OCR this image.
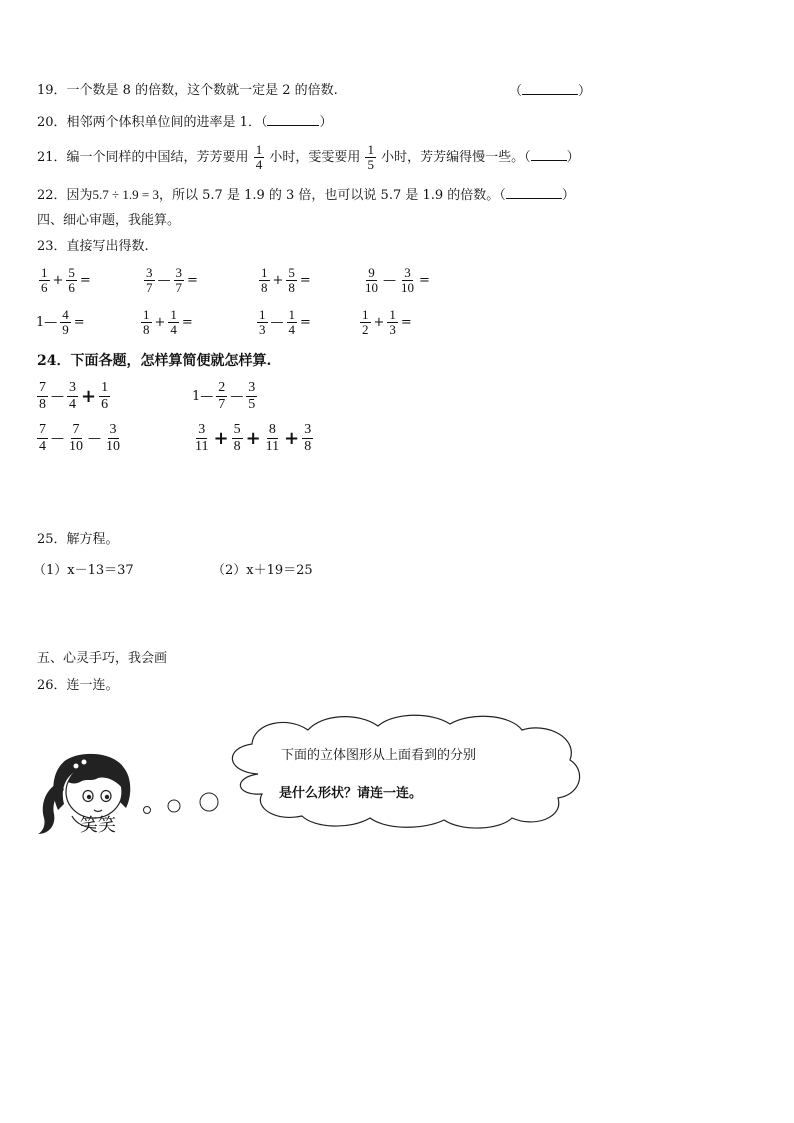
19．一个数是 8 的倍数，这个数就一定是 2 的倍数.	（	）
20．相邻两个体积单位间的进率是 1．（	）
21．编一个同样的中国结，芳芳要用 $\frac{1}{4}$ 小时，雯雯要用 $\frac{1}{5}$ 小时，芳芳编得慢一些。（	）
22．因为5.7 ÷ 1.9 = 3，所以 5.7 是 1.9 的 3 倍，也可以说 5.7 是 1.9 的倍数。（	）
四、细心审题，我能算。
23．直接写出得数.
$\frac{1}{6} + \frac{5}{6}$ =	$\frac{3}{7}$ — $\frac{3}{7}$ =	$\frac{1}{8} + \frac{5}{8}$ =	$\frac{9}{10}$ — $\frac{3}{10}$ =
1— $\frac{4}{9}$ =	$\frac{1}{8} + \frac{1}{4}$ =	$\frac{1}{3}$ — $\frac{1}{4}$ =	$\frac{1}{2} + \frac{1}{3}$ =
24．下面各题，怎样算简便就怎样算.
$\frac{7}{8}$ — $\frac{3}{4} + \frac{1}{6}$	1— $\frac{2}{7}$ — $\frac{3}{5}$
$\frac{7}{4}$ — $\frac{7}{10}$ — $\frac{3}{10}$	$\frac{3}{11} + \frac{5}{8} + \frac{8}{11} + \frac{3}{8}$
25．解方程。
（1）x－13＝37	（2）x＋19＝25
五、心灵手巧，我会画
26．连一连。
下面的立体图形从上面看到的分别
是什么形状？请连一连。
笑笑
